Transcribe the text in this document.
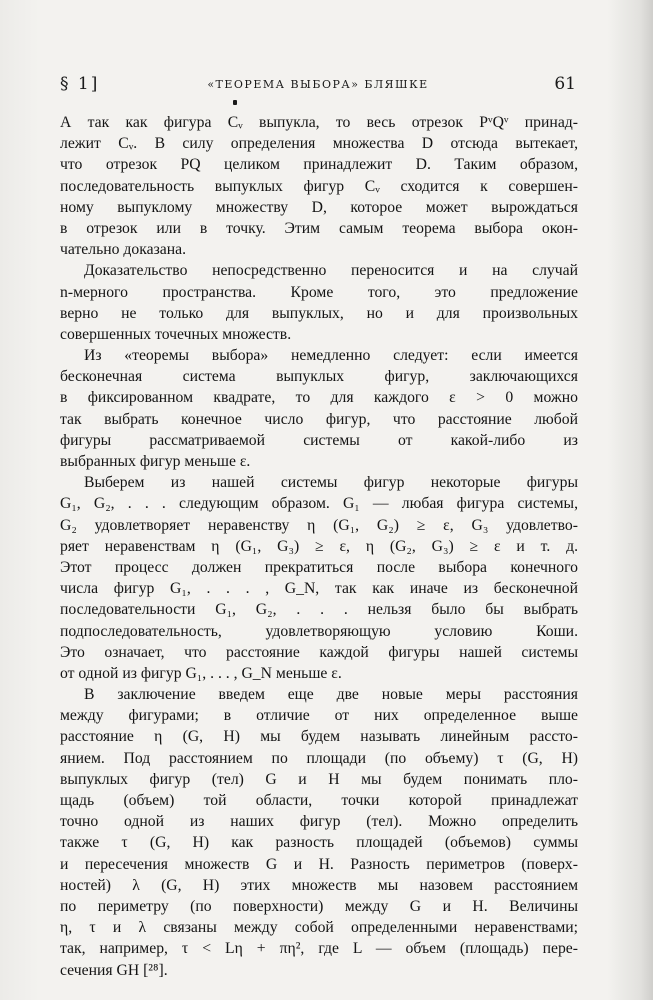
§ 1]	«ТЕОРЕМА ВЫБОРА» БЛЯШКЕ	61
А так как фигура Cᵥ выпукла, то весь отрезок PᵛQᵛ принад-
лежит Cᵥ. В силу определения множества D отсюда вытекает,
что отрезок PQ целиком принадлежит D. Таким образом,
последовательность выпуклых фигур Cᵥ сходится к совершен-
ному выпуклому множеству D, которое может вырождаться
в отрезок или в точку. Этим самым теорема выбора окон-
чательно доказана.
Доказательство непосредственно переносится и на случай
n-мерного пространства. Кроме того, это предложение
верно не только для выпуклых, но и для произвольных
совершенных точечных множеств.
Из «теоремы выбора» немедленно следует: если имеется
бесконечная система выпуклых фигур, заключающихся
в фиксированном квадрате, то для каждого ε > 0 можно
так выбрать конечное число фигур, что расстояние любой
фигуры рассматриваемой системы от какой-либо из
выбранных фигур меньше ε.
Выберем из нашей системы фигур некоторые фигуры
G₁, G₂, . . . следующим образом. G₁ — любая фигура системы,
G₂ удовлетворяет неравенству η (G₁, G₂) ≥ ε, G₃ удовлетво-
ряет неравенствам η (G₁, G₃) ≥ ε, η (G₂, G₃) ≥ ε и т. д.
Этот процесс должен прекратиться после выбора конечного
числа фигур G₁, . . . , G_N, так как иначе из бесконечной
последовательности G₁, G₂, . . . нельзя было бы выбрать
подпоследовательность, удовлетворяющую условию Коши.
Это означает, что расстояние каждой фигуры нашей системы
от одной из фигур G₁, . . . , G_N меньше ε.
В заключение введем еще две новые меры расстояния
между фигурами; в отличие от них определенное выше
расстояние η (G, H) мы будем называть линейным рассто-
янием. Под расстоянием по площади (по объему) τ (G, H)
выпуклых фигур (тел) G и H мы будем понимать пло-
щадь (объем) той области, точки которой принадлежат
точно одной из наших фигур (тел). Можно определить
также τ (G, H) как разность площадей (объемов) суммы
и пересечения множеств G и H. Разность периметров (поверх-
ностей) λ (G, H) этих множеств мы назовем расстоянием
по периметру (по поверхности) между G и H. Величины
η, τ и λ связаны между собой определенными неравенствами;
так, например, τ < Lη + πη², где L — объем (площадь) пере-
сечения GH [²⁸].
